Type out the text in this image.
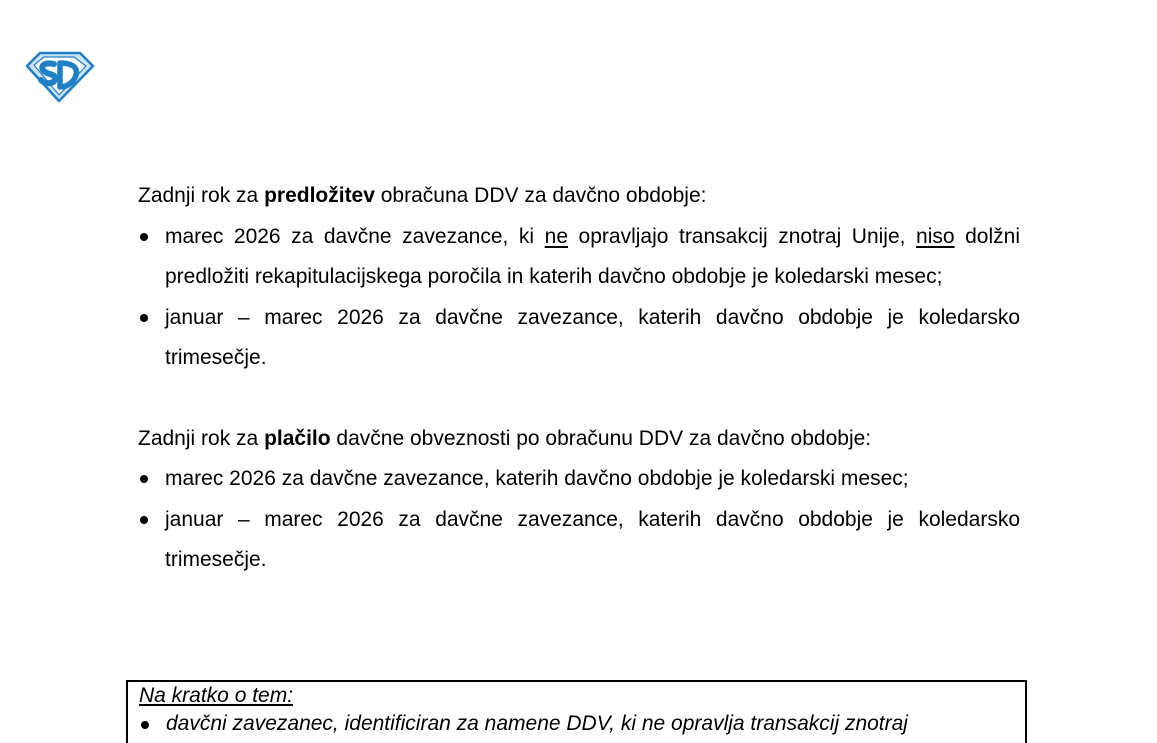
Zadnji rok za predložitev obračuna DDV za davčno obdobje:

marec 2026 za davčne zavezance, ki ne opravljajo transakcij znotraj Unije, niso dolžni predložiti rekapitulacijskega poročila in katerih davčno obdobje je koledarski mesec;
januar – marec 2026 za davčne zavezance, katerih davčno obdobje je koledarsko trimesečje.

Zadnji rok za plačilo davčne obveznosti po obračunu DDV za davčno obdobje:

marec 2026 za davčne zavezance, katerih davčno obdobje je koledarski mesec;
januar – marec 2026 za davčne zavezance, katerih davčno obdobje je koledarsko trimesečje.
Na kratko o tem:
davčni zavezanec, identificiran za namene DDV, ki ne opravlja transakcij znotraj
